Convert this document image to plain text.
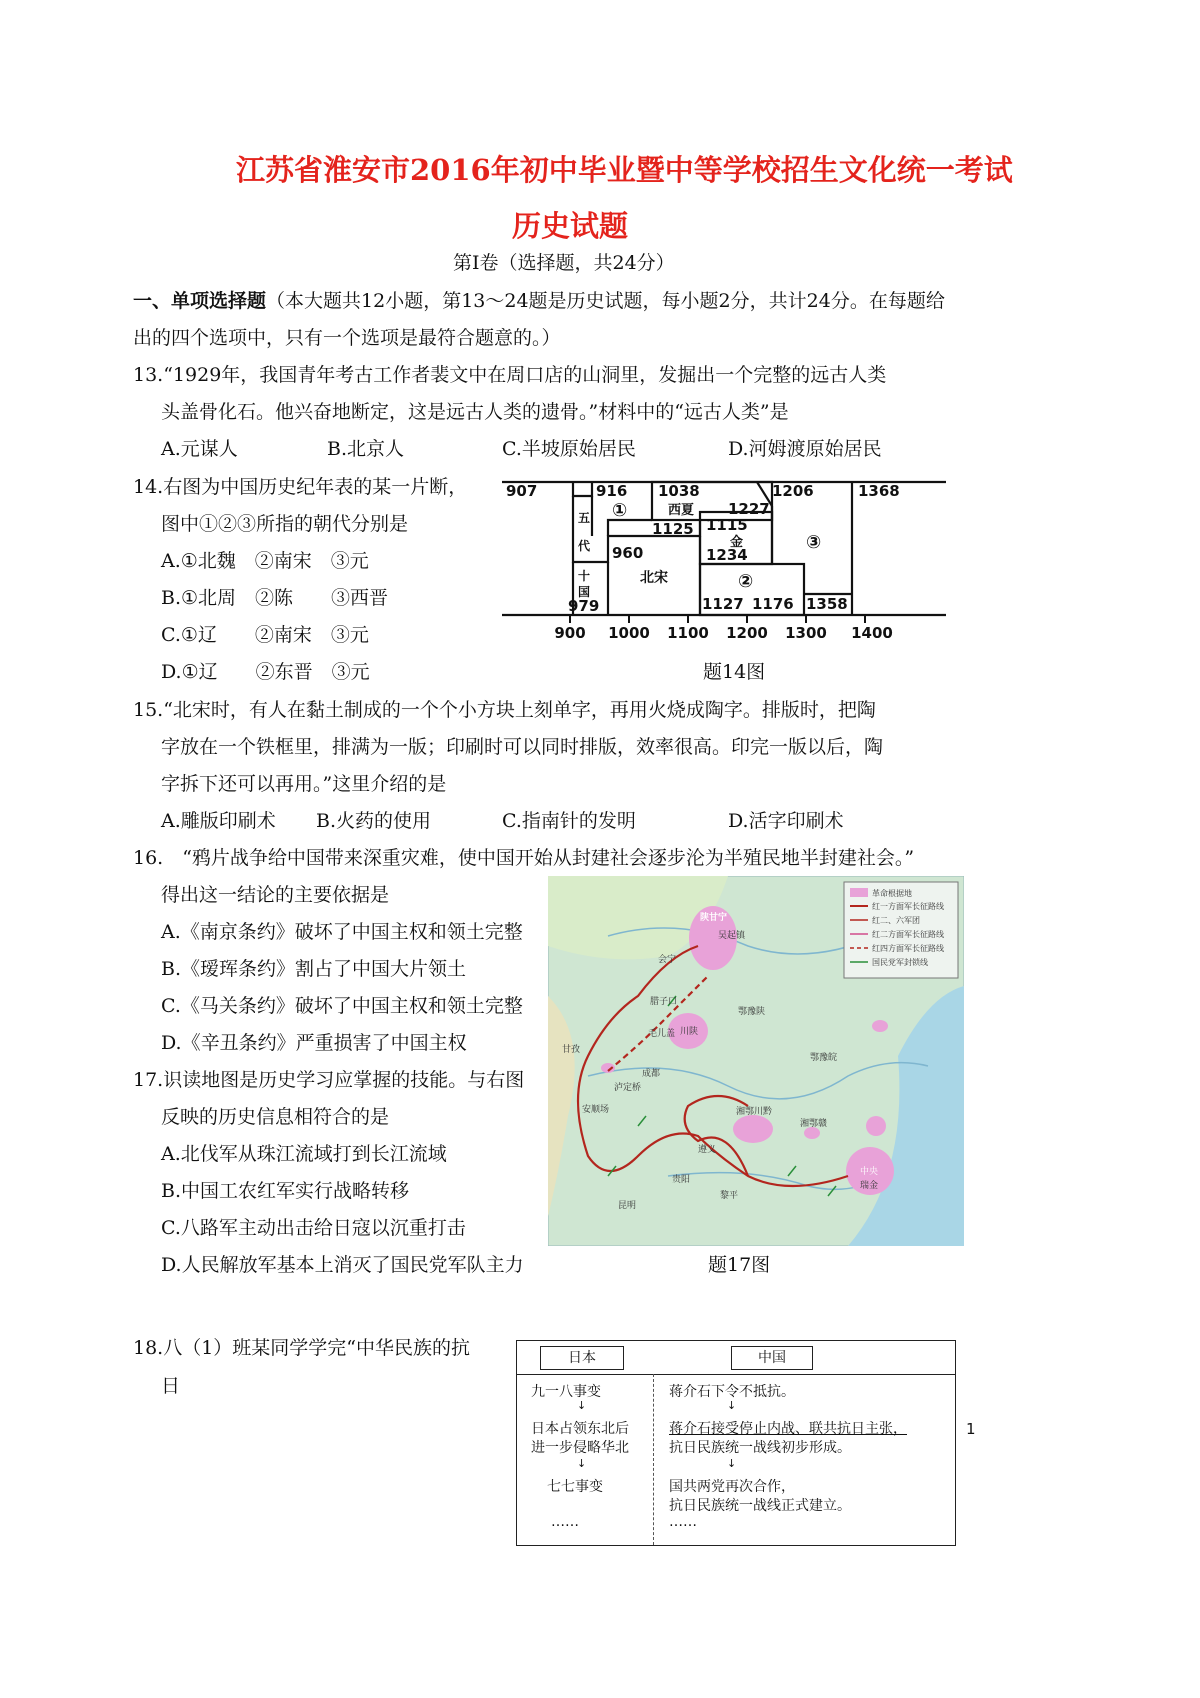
江苏省淮安市2016年初中毕业暨中等学校招生文化统一考试
历史试题
第Ⅰ卷（选择题，共24分）
一、单项选择题（本大题共12小题，第13～24题是历史试题，每小题2分，共计24分。在每题给
出的四个选项中，只有一个选项是最符合题意的。）
13.“1929年，我国青年考古工作者裴文中在周口店的山洞里，发掘出一个完整的远古人类
头盖骨化石。他兴奋地断定，这是远古人类的遗骨。”材料中的“远古人类”是
A.元谋人	B.北京人	C.半坡原始居民	D.河姆渡原始居民
14.右图为中国历史纪年表的某一片断，
图中①②③所指的朝代分别是
A.①北魏　②南宋　③元
B.①北周　②陈　　③西晋
C.①辽　　②南宋　③元
D.①辽　　②东晋　③元	题14图
907	916 1038	1206	1368
西夏 1227
1125 1115
金
1234
五
代 960
十
国
979
北宋
1127 1176 1358
①
②
③
900 1000 1100 1200 1300 1400
15.“北宋时，有人在黏土制成的一个个小方块上刻单字，再用火烧成陶字。排版时，把陶
字放在一个铁框里，排满为一版；印刷时可以同时排版，效率很高。印完一版以后，陶
字拆下还可以再用。”这里介绍的是
A.雕版印刷术 B.火药的使用	C.指南针的发明	D.活字印刷术
16.　“鸦片战争给中国带来深重灾难，使中国开始从封建社会逐步沦为半殖民地半封建社会。”
得出这一结论的主要依据是
A.《南京条约》破坏了中国主权和领土完整
B.《瑷珲条约》割占了中国大片领土
C.《马关条约》破坏了中国主权和领土完整
D.《辛丑条约》严重损害了中国主权
17.识读地图是历史学习应掌握的技能。与右图
反映的历史信息相符合的是
A.北伐军从珠江流域打到长江流域
B.中国工农红军实行战略转移
C.八路军主动出击给日寇以沉重打击
D.人民解放军基本上消灭了国民党军队主力	题17图
革命根据地
红一方面军长征路线
红二、六军团
红二方面军长征路线
红四方面军长征路线
国民党军封锁线
陕甘宁
吴起镇
会宁
腊子口
毛儿盖
鄂豫陕
川陕
鄂豫皖
泸定桥
成都
安顺场	湘鄂川黔
遵义
湘鄂赣
贵阳
中央
瑞金
昆明
黎平
甘孜
18.八（1）班某同学学完“中华民族的抗
日
日本	中国
九一八事变
↓
日本占领东北后
进一步侵略华北
↓
七七事变
……
蒋介石下令不抵抗。
↓
蒋介石接受停止内战、联共抗日主张，
抗日民族统一战线初步形成。
↓
国共两党再次合作，
抗日民族统一战线正式建立。
……
1
